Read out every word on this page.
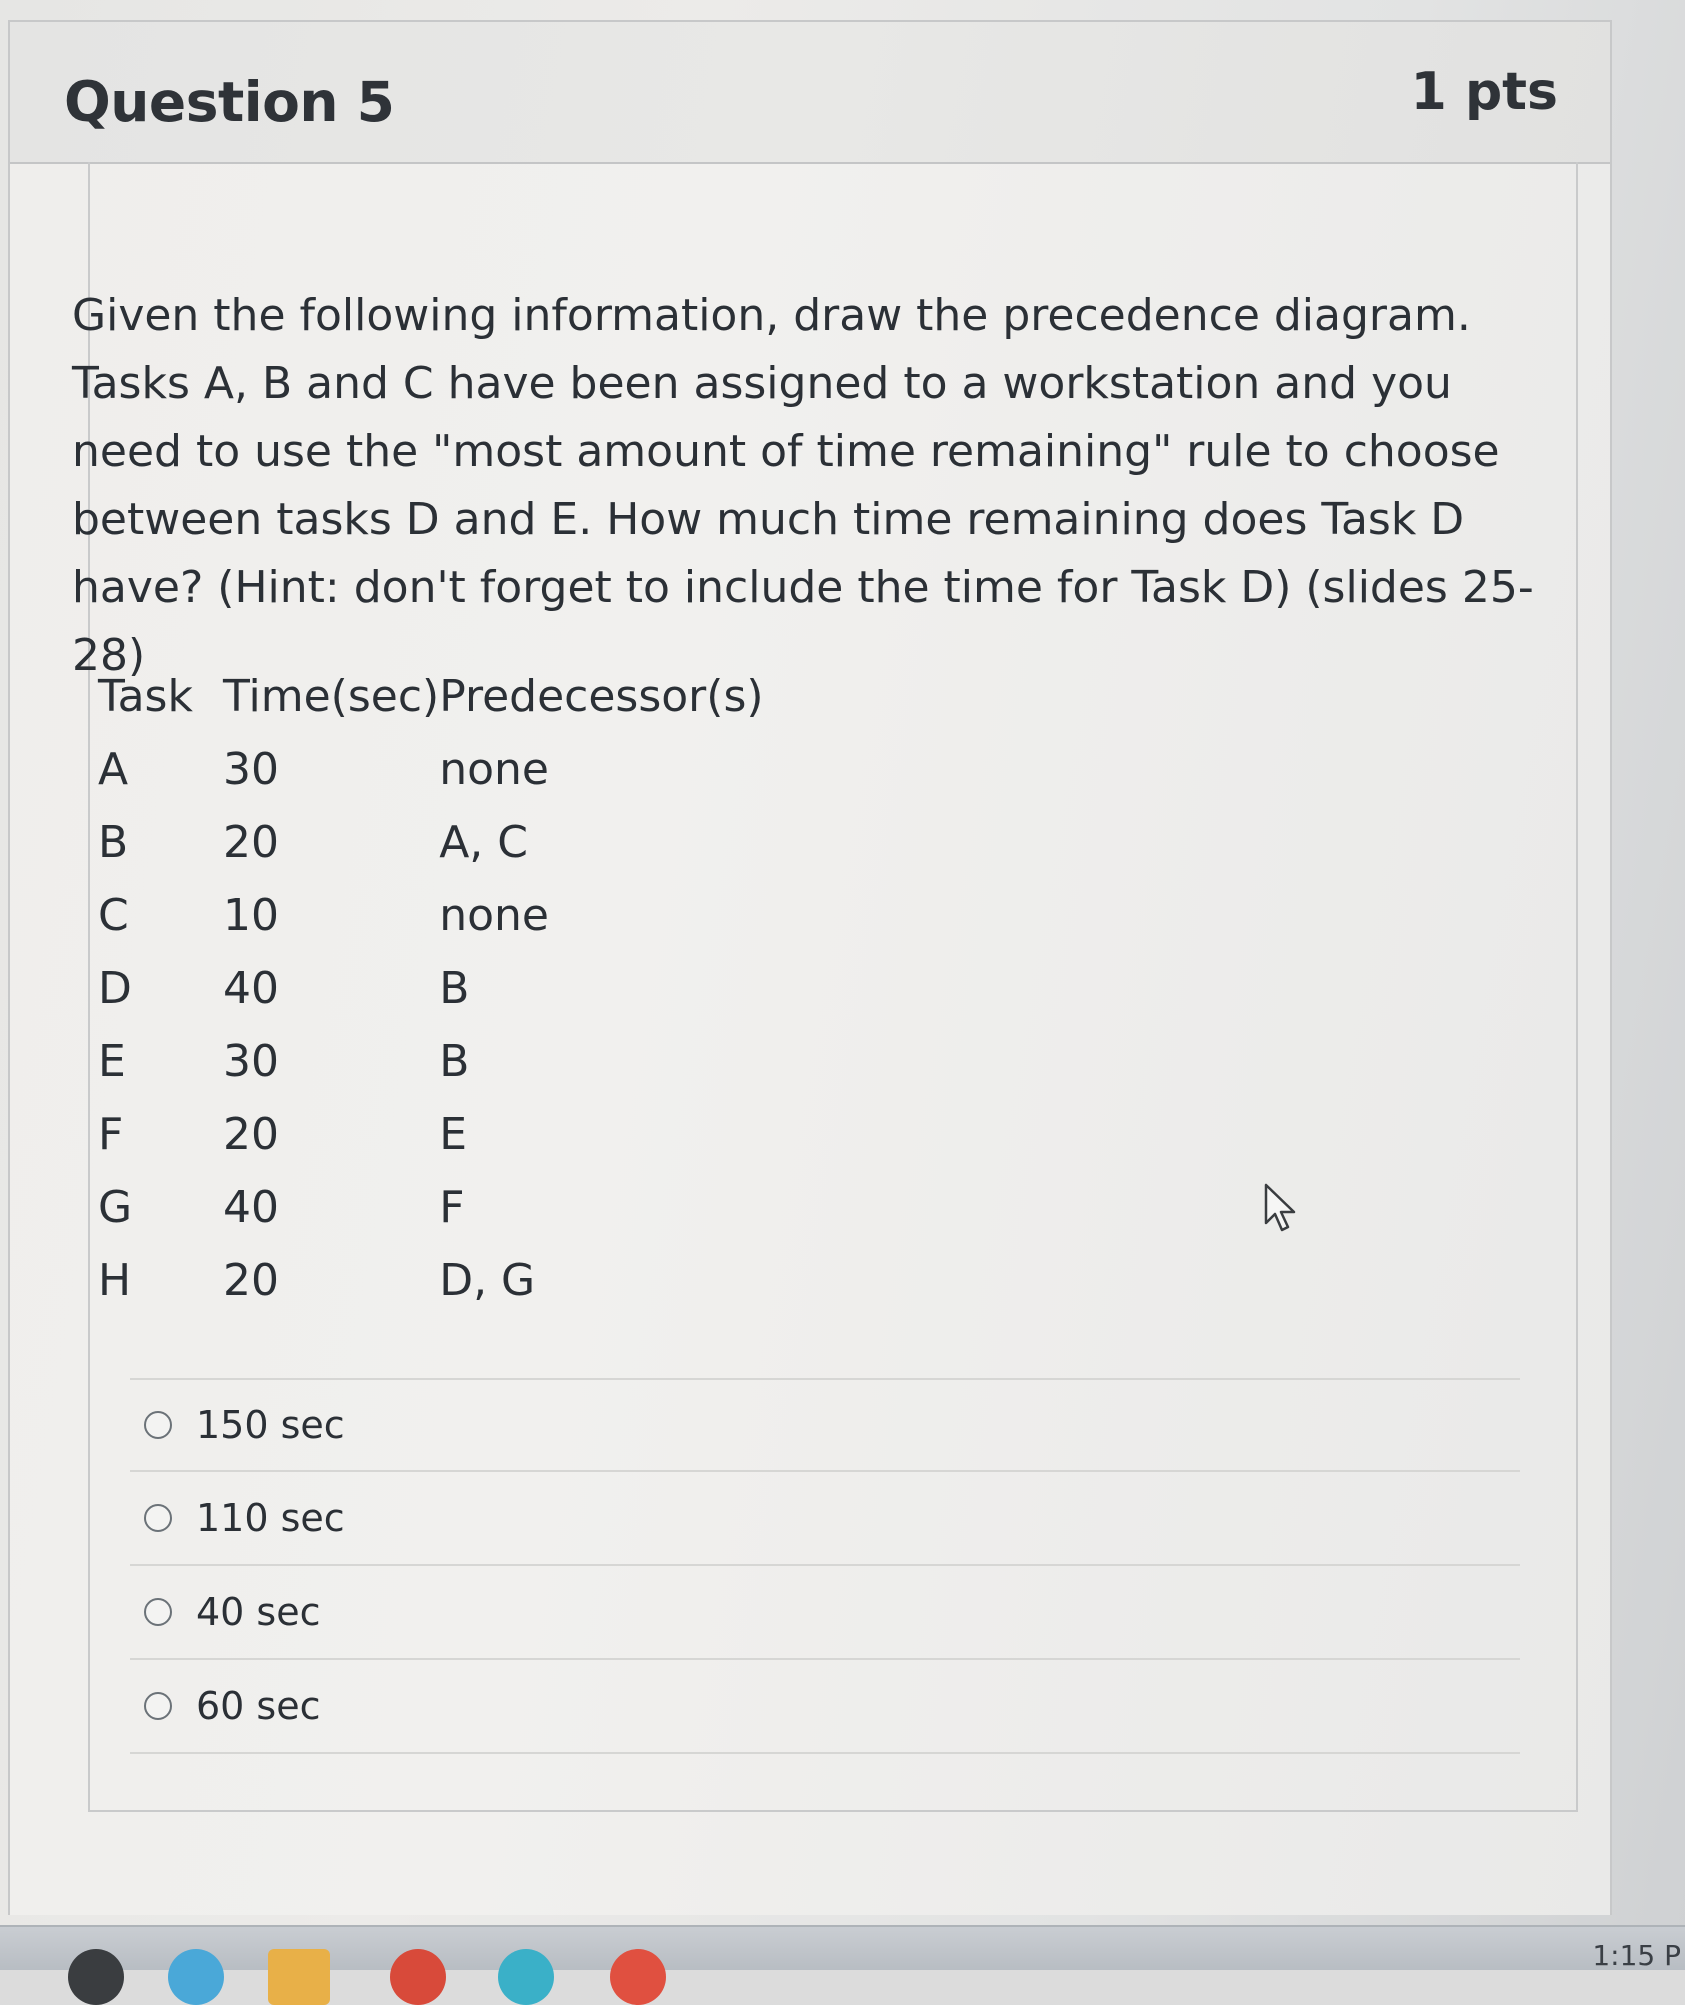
Question 5	1 pts

Given the following information, draw the precedence diagram. Tasks A, B and C have been assigned to a workstation and you need to use the "most amount of time remaining" rule to choose between tasks D and E. How much time remaining does Task D have? (Hint: don't forget to include the time for Task D) (slides 25-28)

Task	Time(sec)	Predecessor(s)
A	30	none
B	20	A, C
C	10	none
D	40	B
E	30	B
F	20	E
G	40	F
H	20	D, G
150 sec
110 sec
40 sec
60 sec
1:15 P
